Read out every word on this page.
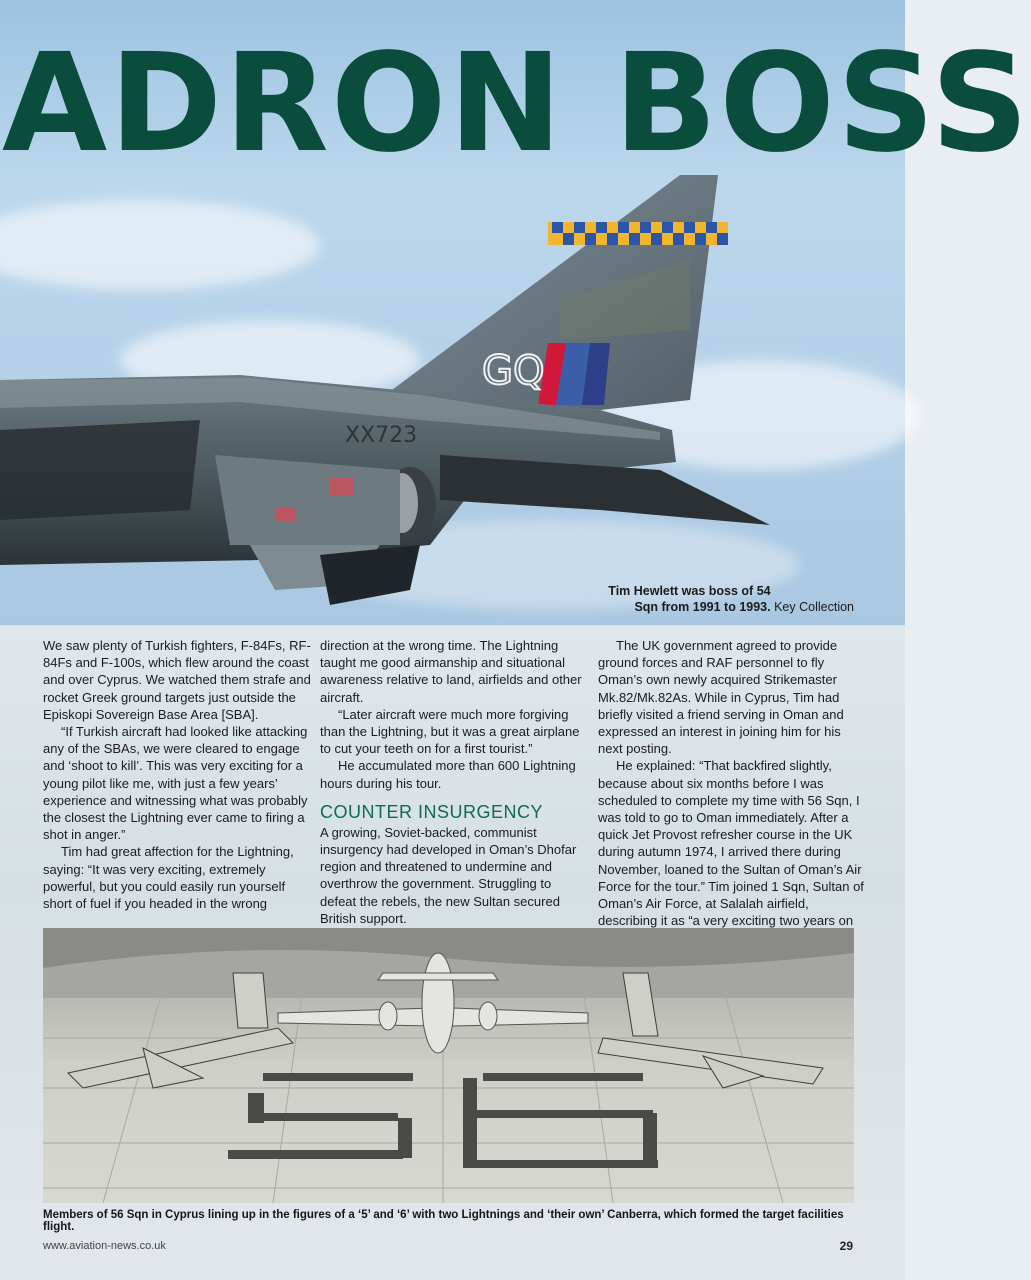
ADRON BOSS
GQ
XX723
Tim Hewlett was boss of 54 Sqn from 1991 to 1993. Key Collection

We saw plenty of Turkish fighters, F-84Fs, RF-84Fs and F-100s, which flew around the coast and over Cyprus. We watched them strafe and rocket Greek ground targets just outside the Episkopi Sovereign Base Area [SBA].

“If Turkish aircraft had looked like attacking any of the SBAs, we were cleared to engage and ‘shoot to kill’. This was very exciting for a young pilot like me, with just a few years’ experience and witnessing what was probably the closest the Lightning ever came to firing a shot in anger.”

Tim had great affection for the Lightning, saying: “It was very exciting, extremely powerful, but you could easily run yourself short of fuel if you headed in the wrong

direction at the wrong time. The Lightning taught me good airmanship and situational awareness relative to land, airfields and other aircraft.

“Later aircraft were much more forgiving than the Lightning, but it was a great airplane to cut your teeth on for a first tourist.”

He accumulated more than 600 Lightning hours during his tour.

COUNTER INSURGENCY

A growing, Soviet-backed, communist insurgency had developed in Oman’s Dhofar region and threatened to undermine and overthrow the government. Struggling to defeat the rebels, the new Sultan secured British support.

The UK government agreed to provide ground forces and RAF personnel to fly Oman’s own newly acquired Strikemaster Mk.82/Mk.82As. While in Cyprus, Tim had briefly visited a friend serving in Oman and expressed an interest in joining him for his next posting.

He explained: “That backfired slightly, because about six months before I was scheduled to complete my time with 56 Sqn, I was told to go to Oman immediately. After a quick Jet Provost refresher course in the UK during autumn 1974, I arrived there during November, loaned to the Sultan of Oman’s Air Force for the tour.” Tim joined 1 Sqn, Sultan of Oman’s Air Force, at Salalah airfield, describing it as “a very exciting two years on

Members of 56 Sqn in Cyprus lining up in the figures of a ‘5’ and ‘6’ with two Lightnings and ‘their own’ Canberra, which formed the target facilities flight.
www.aviation-news.co.uk	29
